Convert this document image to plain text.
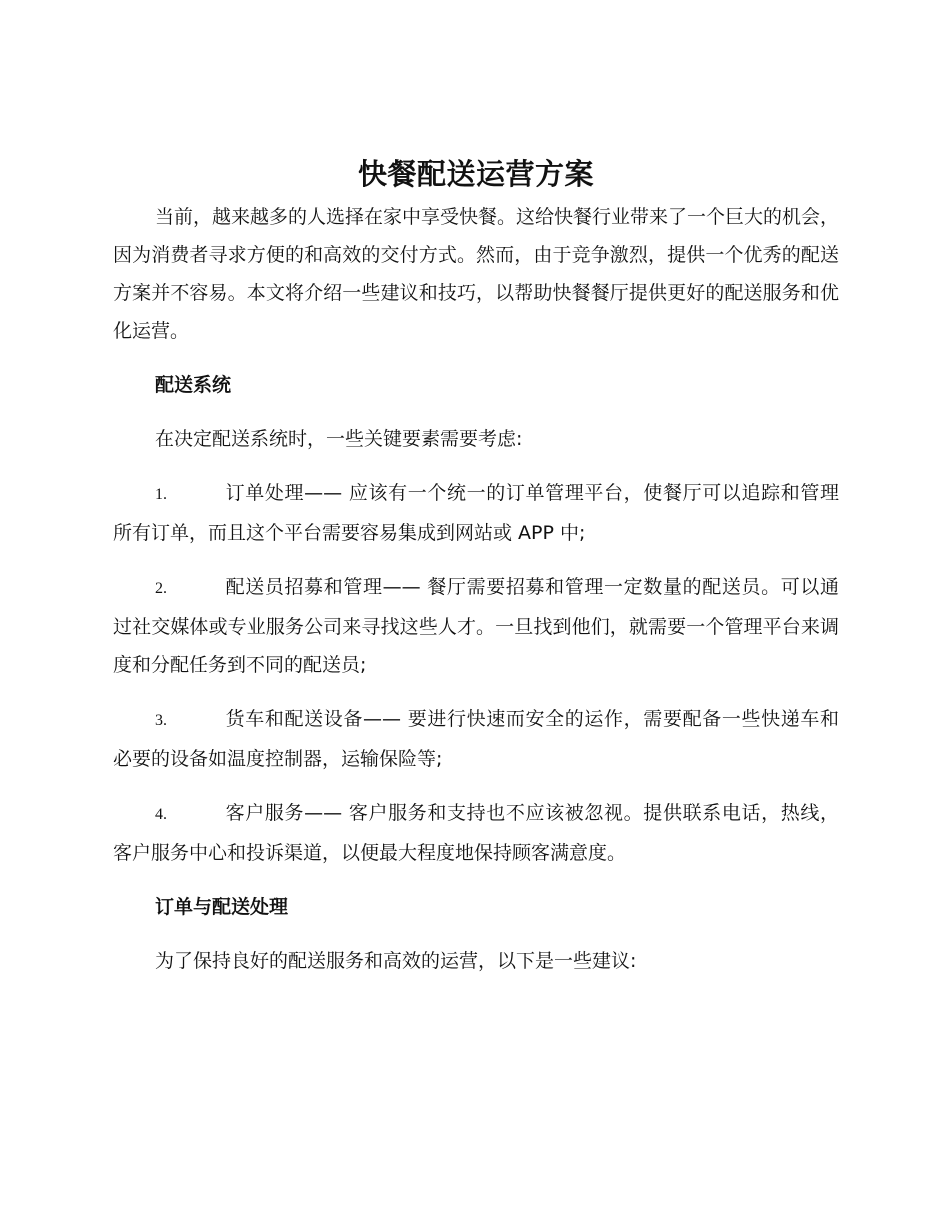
快餐配送运营方案

当前，越来越多的人选择在家中享受快餐。这给快餐行业带来了一个巨大的机会，因为消费者寻求方便的和高效的交付方式。然而，由于竞争激烈，提供一个优秀的配送方案并不容易。本文将介绍一些建议和技巧，以帮助快餐餐厅提供更好的配送服务和优化运营。

配送系统

在决定配送系统时，一些关键要素需要考虑:

1.	订单处理—— 应该有一个统一的订单管理平台，使餐厅可以追踪和管理所有订单，而且这个平台需要容易集成到网站或 APP 中;

2.	配送员招募和管理—— 餐厅需要招募和管理一定数量的配送员。可以通过社交媒体或专业服务公司来寻找这些人才。一旦找到他们，就需要一个管理平台来调度和分配任务到不同的配送员;

3.	货车和配送设备—— 要进行快速而安全的运作，需要配备一些快递车和必要的设备如温度控制器，运输保险等;

4.	客户服务—— 客户服务和支持也不应该被忽视。提供联系电话，热线，客户服务中心和投诉渠道，以便最大程度地保持顾客满意度。

订单与配送处理

为了保持良好的配送服务和高效的运营，以下是一些建议:
